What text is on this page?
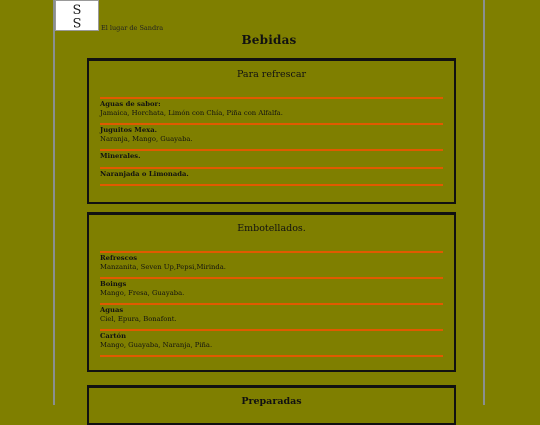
S
S	El lugar de Sandra
Bebidas
Para refrescar
Aguas de sabor:
Jamaica, Horchata, Limón con Chía, Piña con Alfalfa.
Juguitos Mexa.
Naranja, Mango, Guayaba.
Minerales.
Naranjada o Limonada.
Embotellados.
Refrescos
Manzanita, Seven Up,Pepsi,Mirinda.
Boings
Mango, Fresa, Guayaba.
Aguas
Ciel, Epura, Bonafont.
Cartón
Mango, Guayaba, Naranja, Piña.
Preparadas
